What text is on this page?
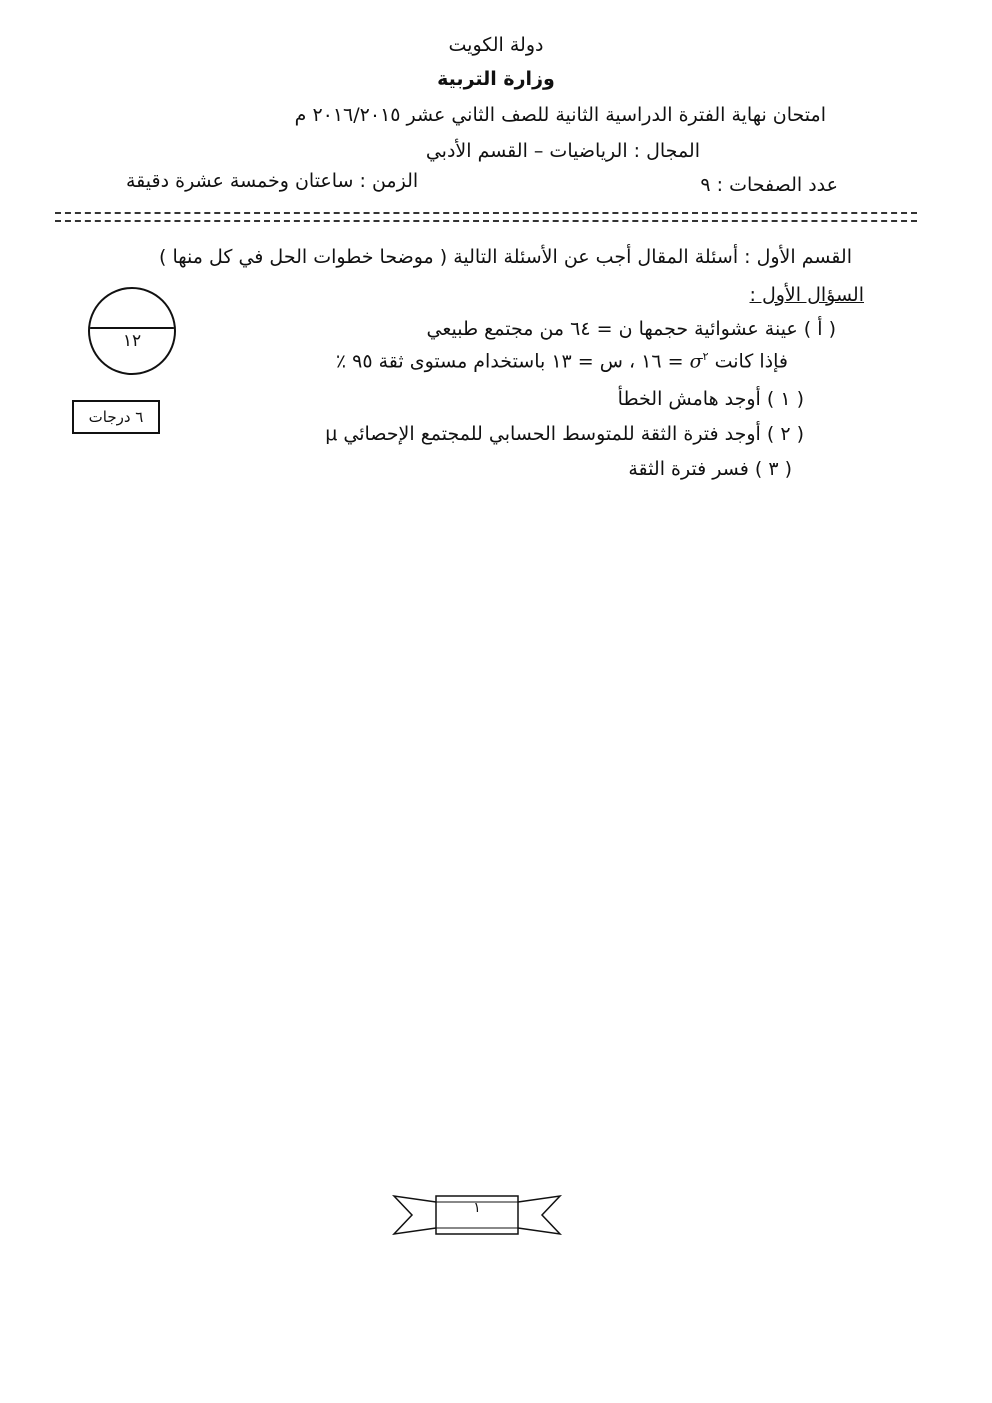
دولة الكويت
وزارة التربية
امتحان نهاية الفترة الدراسية الثانية للصف الثاني عشر ٢٠١٦/٢٠١٥ م
المجال : الرياضيات – القسم الأدبي
عدد الصفحات : ٩
الزمن : ساعتان وخمسة عشرة دقيقة
القسم الأول : أسئلة المقال أجب عن الأسئلة التالية ( موضحا خطوات الحل في كل منها )
السؤال الأول :
١٢
٦ درجات
( أ ) عينة عشوائية حجمها ن = ٦٤ من مجتمع طبيعي
فإذا كانت $\sigma^٢$ = ١٦ ، س = ١٣ باستخدام مستوى ثقة ٩٥ ٪
( ١ ) أوجد هامش الخطأ
( ٢ ) أوجد فترة الثقة للمتوسط الحسابي للمجتمع الإحصائي μ
( ٣ ) فسر فترة الثقة
١
